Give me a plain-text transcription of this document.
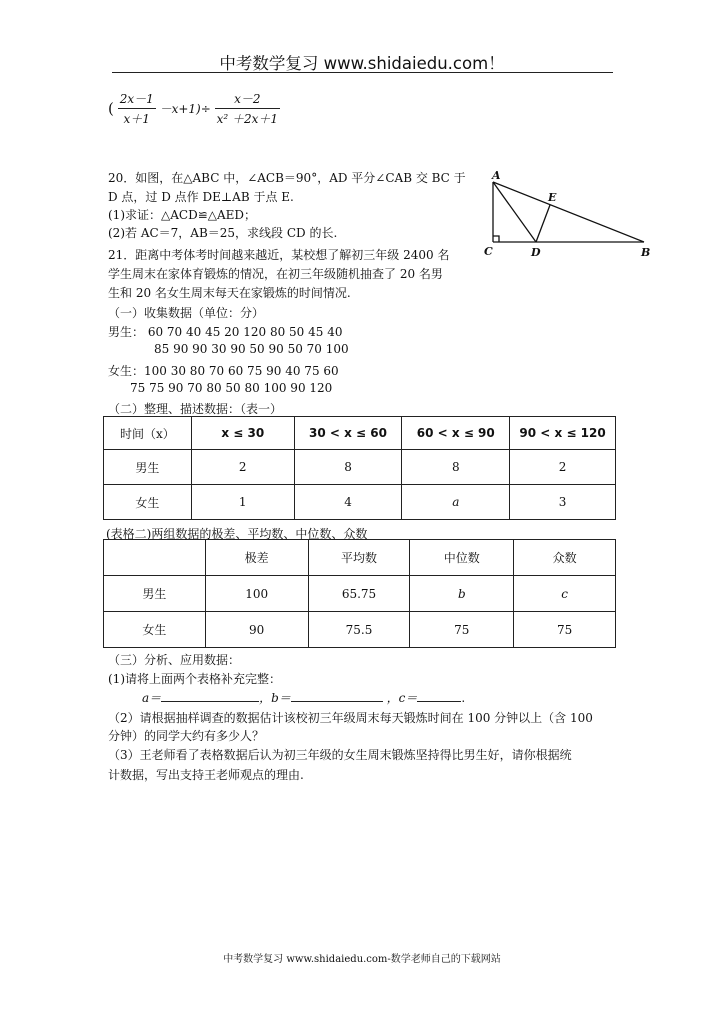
中考数学复习 www.shidaiedu.com！
( $\frac{2x-1}{x+1} -x+1)\div \frac{x-2}{\text{x² ＋2x＋1}}$
20．如图，在△ABC 中，∠ACB＝90°，AD 平分∠CAB 交 BC 于
D 点，过 D 点作 DE⊥AB 于点 E.
(1)求证：△ACD≌△AED；
(2)若 AC＝7，AB＝25，求线段 CD 的长.
A
E
C	D	B
21．距离中考体考时间越来越近，某校想了解初三年级 2400 名
学生周末在家体育锻炼的情况，在初三年级随机抽查了 20 名男
生和 20 名女生周末每天在家锻炼的时间情况.
（一）收集数据（单位：分）
男生： 60 70 40 45 20 120 80 50 45 40
85 90 90 30 90 50 90 50 70 100
女生：100 30 80 70 60 75 90 40 75 60
75 75 90 70 80 50 80 100 90 120
（二）整理、描述数据：（表一）
时间（x）	x ≤ 30	30 < x ≤ 60	60 < x ≤ 90	90 < x ≤ 120
男生	2	8	8	2
女生	1	4	a	3
(表格二)两组数据的极差、平均数、中位数、众数
	极差	平均数	中位数	众数
男生	100	65.75	b	c
女生	90	75.5	75	75
（三）分析、应用数据：
(1)请将上面两个表格补充完整：
a＝	，b＝	，c＝	.
（2）请根据抽样调查的数据估计该校初三年级周末每天锻炼时间在 100 分钟以上（含 100
分钟）的同学大约有多少人？
（3）王老师看了表格数据后认为初三年级的女生周末锻炼坚持得比男生好，请你根据统
计数据，写出支持王老师观点的理由.
中考数学复习 www.shidaiedu.com-数学老师自己的下载网站
